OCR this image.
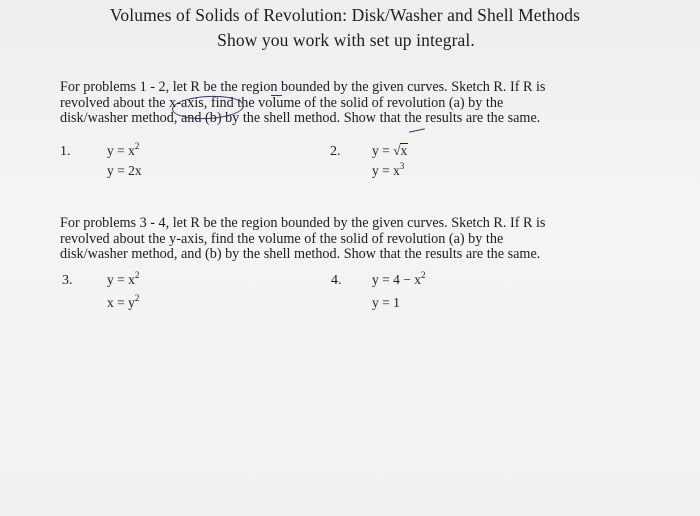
Volumes of Solids of Revolution: Disk/Washer and Shell Methods
Show you work with set up integral.
For problems 1 - 2, let R be the region bounded by the given curves. Sketch R. If R is
revolved about the x-axis, find the volume of the solid of revolution (a) by the
disk/washer method, and (b) by the shell method. Show that the results are the same.
1.	$y = x^2$
y = 2x
2. y = √x
$y = x^3$
For problems 3 - 4, let R be the region bounded by the given curves. Sketch R. If R is
revolved about the y-axis, find the volume of the solid of revolution (a) by the
disk/washer method, and (b) by the shell method. Show that the results are the same.
3.	$y = x^2$
$x = y^2$
4. $y = 4 - x^2$
y = 1
